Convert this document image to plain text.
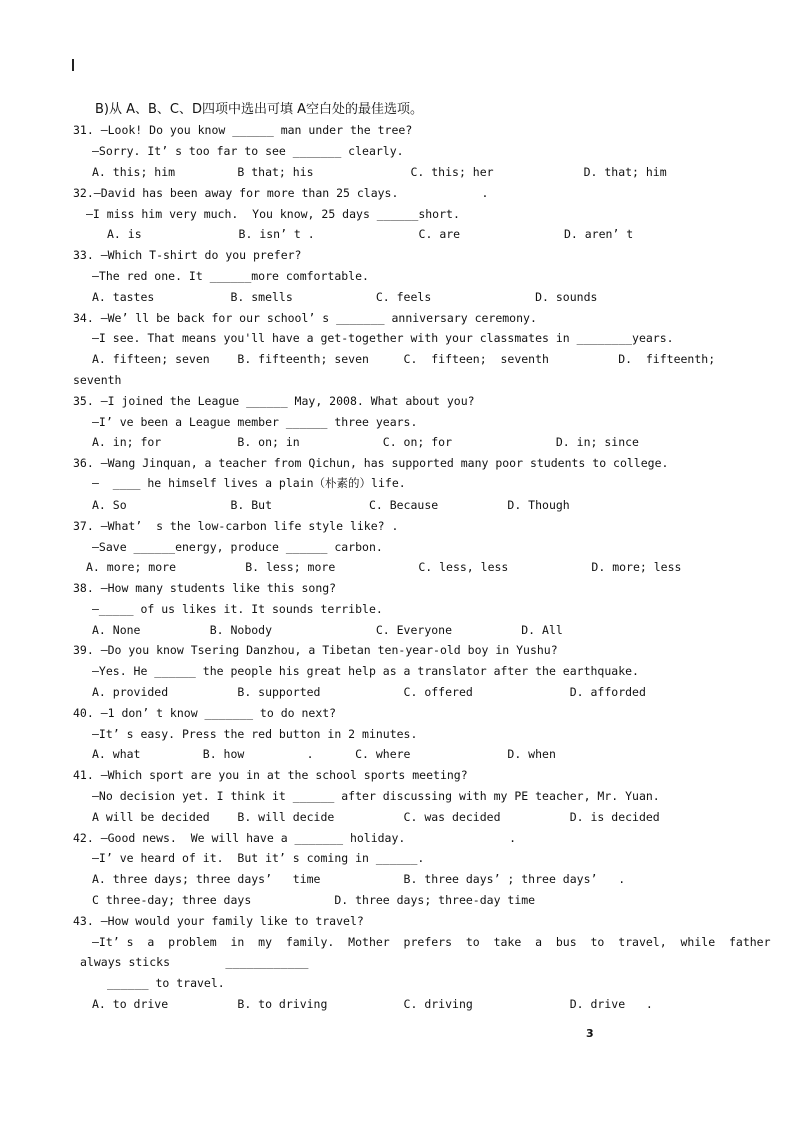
B)从 A、B、C、D四项中选出可填 A空白处的最佳选项。
31. —Look! Do you know ______ man under the tree?
—Sorry. It’ s too far to see _______ clearly.
A. this; him         B that; his              C. this; her             D. that; him
32.—David has been away for more than 25 clays.            .
—I miss him very much.  You know, 25 days ______short.
A. is              B. isn’ t .               C. are               D. aren’ t
33. —Which T-shirt do you prefer?
—The red one. It ______more comfortable.
A. tastes           B. smells            C. feels               D. sounds
34. —We’ ll be back for our school’ s _______ anniversary ceremony.
—I see. That means you'll have a get-together with your classmates in ________years.
A. fifteen; seven    B. fifteenth; seven     C.  fifteen;  seventh          D.  fifteenth;
seventh
35. —I joined the League ______ May, 2008. What about you?
—I’ ve been a League member ______ three years.
A. in; for           B. on; in            C. on; for               D. in; since
36. —Wang Jinquan, a teacher from Qichun, has supported many poor students to college.
—  ____ he himself lives a plain（朴素的）life.
A. So               B. But              C. Because          D. Though
37. —What’  s the low-carbon life style like? .
—Save ______energy, produce ______ carbon.
A. more; more          B. less; more            C. less, less            D. more; less
38. —How many students like this song?
—_____ of us likes it. It sounds terrible.
A. None          B. Nobody               C. Everyone          D. All
39. —Do you know Tsering Danzhou, a Tibetan ten-year-old boy in Yushu?
—Yes. He ______ the people his great help as a translator after the earthquake.
A. provided          B. supported            C. offered              D. afforded
40. —1 don’ t know _______ to do next?
—It’ s easy. Press the red button in 2 minutes.
A. what         B. how         .      C. where              D. when
41. —Which sport are you in at the school sports meeting?
—No decision yet. I think it ______ after discussing with my PE teacher, Mr. Yuan.
A will be decided    B. will decide          C. was decided          D. is decided
42. —Good news.  We will have a _______ holiday.               .
—I’ ve heard of it.  But it’ s coming in ______.
A. three days; three days’   time            B. three days’ ; three days’   .
C three-day; three days            D. three days; three-day time
43. —How would your family like to travel?
—It’ s  a  problem  in  my  family.  Mother  prefers  to  take  a  bus  to  travel,  while  father
always sticks        ____________
______ to travel.
A. to drive          B. to driving           C. driving              D. drive   .
3
